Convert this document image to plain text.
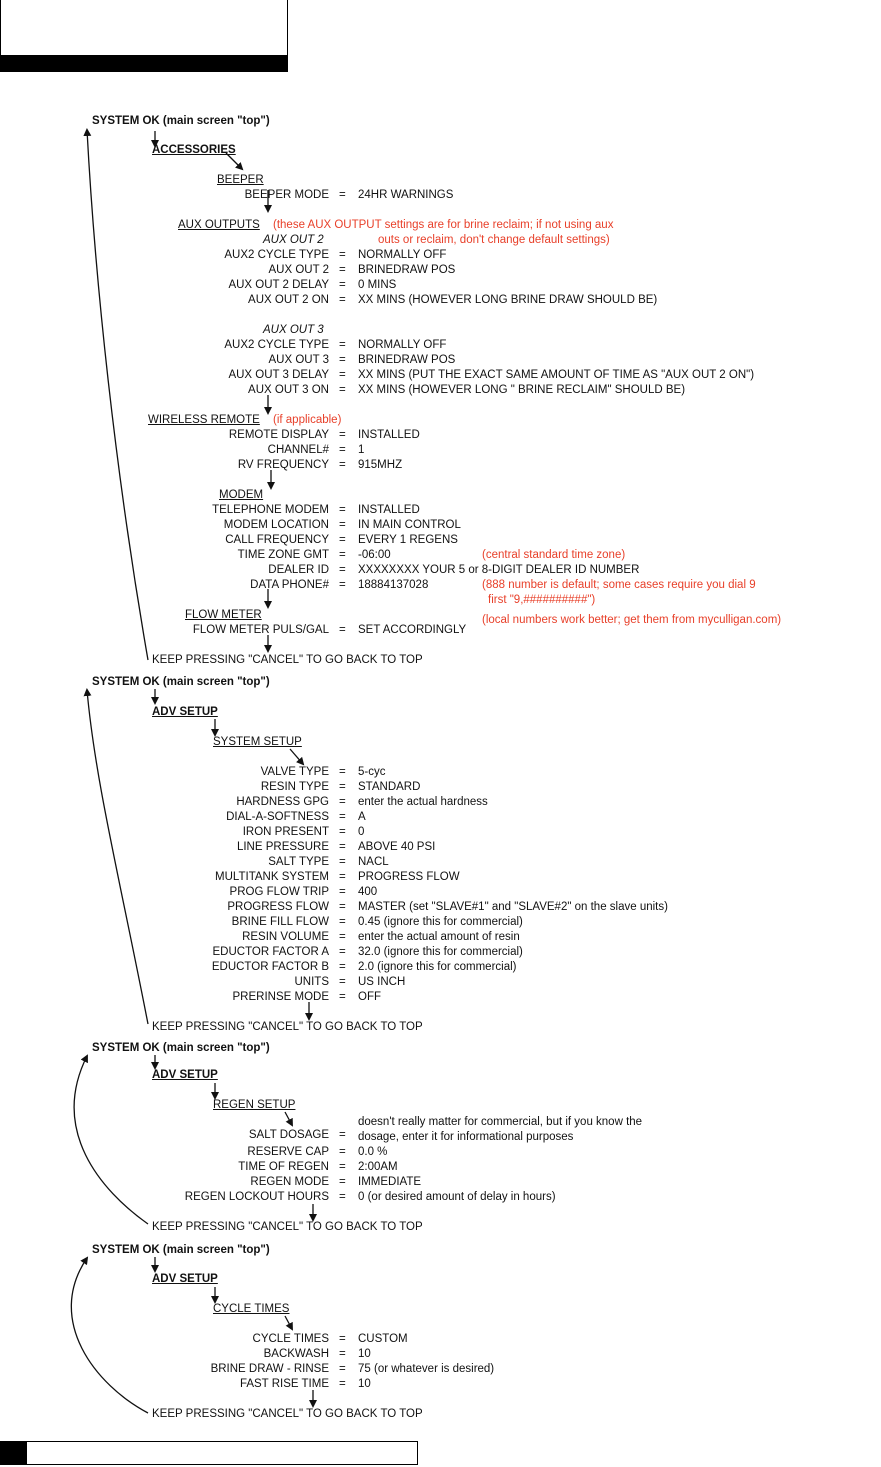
SYSTEM OK (main screen "top")
ACCESSORIES
BEEPER
BEEPER MODE = 24HR WARNINGS
AUX OUTPUTS (these AUX OUTPUT settings are for brine reclaim; if not using aux
AUX OUT 2	outs or reclaim, don't change default settings)
AUX2 CYCLE TYPE = NORMALLY OFF
AUX OUT 2 = BRINEDRAW POS
AUX OUT 2 DELAY = 0 MINS
AUX OUT 2 ON = XX MINS (HOWEVER LONG BRINE DRAW SHOULD BE)
AUX OUT 3
AUX2 CYCLE TYPE = NORMALLY OFF
AUX OUT 3 = BRINEDRAW POS
AUX OUT 3 DELAY = XX MINS (PUT THE EXACT SAME AMOUNT OF TIME AS "AUX OUT 2 ON")
AUX OUT 3 ON = XX MINS (HOWEVER LONG " BRINE RECLAIM" SHOULD BE)
WIRELESS REMOTE (if applicable)
REMOTE DISPLAY = INSTALLED
CHANNEL# = 1
RV FREQUENCY = 915MHZ
MODEM
TELEPHONE MODEM = INSTALLED
MODEM LOCATION = IN MAIN CONTROL
CALL FREQUENCY = EVERY 1 REGENS
TIME ZONE GMT = -06:00	(central standard time zone)
DEALER ID = XXXXXXXX YOUR 5 or 8-DIGIT DEALER ID NUMBER
DATA PHONE# = 18884137028	(888 number is default; some cases require you dial 9
first "9,##########")
FLOW METER	(local numbers work better; get them from myculligan.com)
FLOW METER PULS/GAL = SET ACCORDINGLY
KEEP PRESSING "CANCEL" TO GO BACK TO TOP
SYSTEM OK (main screen "top")
ADV SETUP
SYSTEM SETUP
VALVE TYPE = 5-cyc
RESIN TYPE = STANDARD
HARDNESS GPG = enter the actual hardness
DIAL-A-SOFTNESS = A
IRON PRESENT = 0
LINE PRESSURE = ABOVE 40 PSI
SALT TYPE = NACL
MULTITANK SYSTEM = PROGRESS FLOW
PROG FLOW TRIP = 400
PROGRESS FLOW = MASTER (set "SLAVE#1" and "SLAVE#2" on the slave units)
BRINE FILL FLOW = 0.45 (ignore this for commercial)
RESIN VOLUME = enter the actual amount of resin
EDUCTOR FACTOR A = 32.0 (ignore this for commercial)
EDUCTOR FACTOR B = 2.0 (ignore this for commercial)
UNITS = US INCH
PRERINSE MODE = OFF
KEEP PRESSING "CANCEL" TO GO BACK TO TOP
SYSTEM OK (main screen "top")
ADV SETUP
REGEN SETUP
doesn't really matter for commercial, but if you know the
SALT DOSAGE = dosage, enter it for informational purposes
RESERVE CAP = 0.0 %
TIME OF REGEN = 2:00AM
REGEN MODE = IMMEDIATE
REGEN LOCKOUT HOURS = 0 (or desired amount of delay in hours)
KEEP PRESSING "CANCEL" TO GO BACK TO TOP
SYSTEM OK (main screen "top")
ADV SETUP
CYCLE TIMES
CYCLE TIMES = CUSTOM
BACKWASH = 10
BRINE DRAW - RINSE = 75 (or whatever is desired)
FAST RISE TIME = 10
KEEP PRESSING "CANCEL" TO GO BACK TO TOP
